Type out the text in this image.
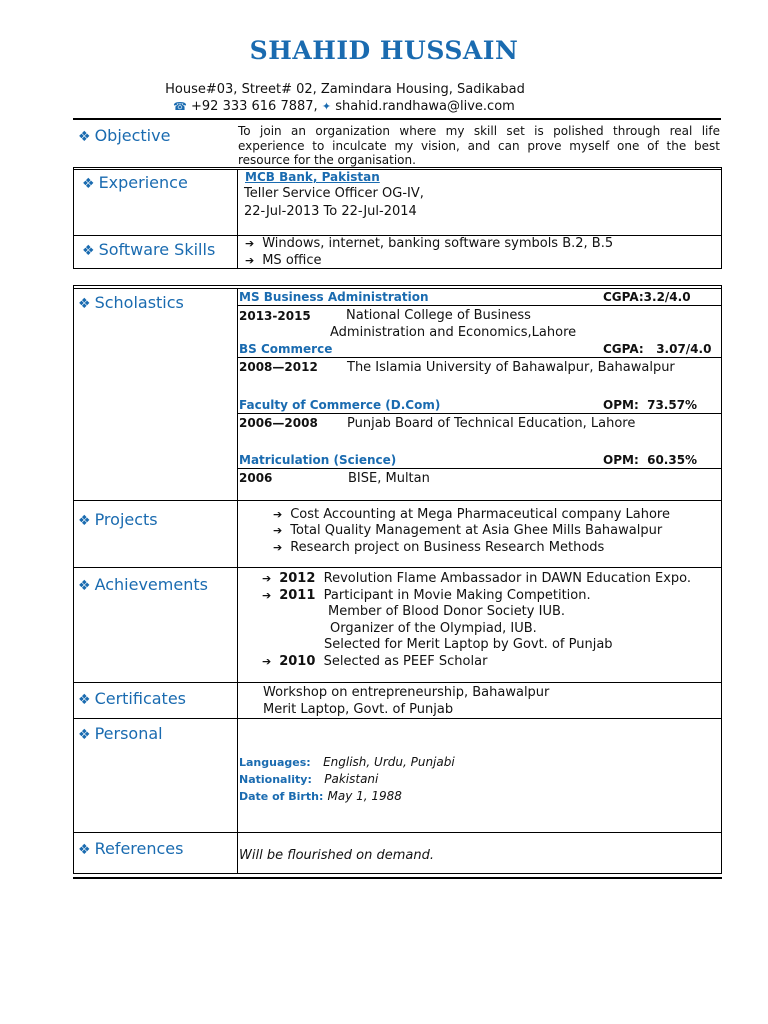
SHAHID HUSSAIN
House#03, Street# 02, Zamindara Housing, Sadikabad
☎ +92 333 616 7887, ✦ shahid.randhawa@live.com
❖ Objective	To join an organization where my skill set is polished through real life experience to inculcate my vision, and can prove myself one of the best resource for the organisation.
❖ Experience	MCB Bank, Pakistan
Teller Service Officer OG-IV,
22-Jul-2013 To 22-Jul-2014
❖ Software Skills	➔ Windows, internet, banking software symbols B.2, B.5
➔ MS office
❖ Scholastics	MS Business Administration	CGPA:3.2/4.0
2013-2015	National College of Business
Administration and Economics,Lahore
BS Commerce	CGPA:   3.07/4.0
2008—2012 The Islamia University of Bahawalpur, Bahawalpur
Faculty of Commerce (D.Com)	OPM:  73.57%
2006—2008 Punjab Board of Technical Education, Lahore
Matriculation (Science)	OPM:  60.35%
2006	BISE, Multan
❖ Projects	➔ Cost Accounting at Mega Pharmaceutical company Lahore
➔ Total Quality Management at Asia Ghee Mills Bahawalpur
➔ Research project on Business Research Methods
❖ Achievements	➔ 2012 Revolution Flame Ambassador in DAWN Education Expo.
➔ 2011 Participant in Movie Making Competition.
Member of Blood Donor Society IUB.
Organizer of the Olympiad, IUB.
Selected for Merit Laptop by Govt. of Punjab
➔ 2010 Selected as PEEF Scholar
❖ Certificates	Workshop on entrepreneurship, Bahawalpur
Merit Laptop, Govt. of Punjab
❖ Personal
Languages: English, Urdu, Punjabi
Nationality: Pakistani
Date of Birth: May 1, 1988
❖ References	Will be flourished on demand.
